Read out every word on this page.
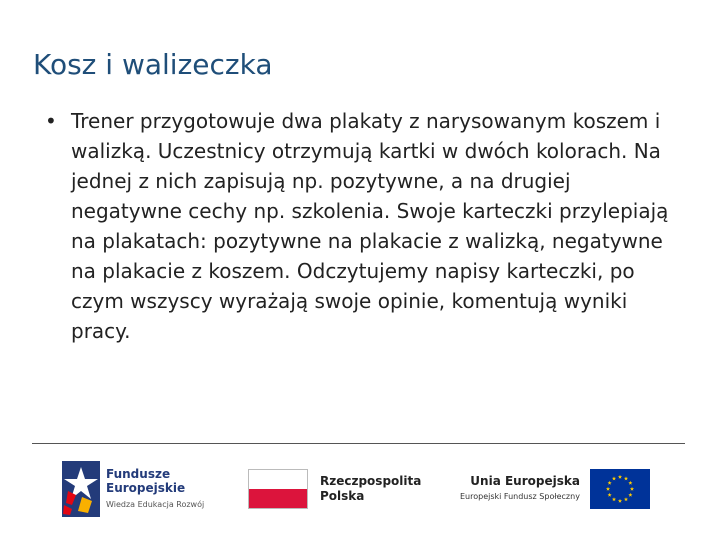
Kosz i walizeczka
• Trener przygotowuje dwa plakaty z narysowanym koszem i walizką. Uczestnicy otrzymują kartki w dwóch kolorach. Na jednej z nich zapisują np. pozytywne, a na drugiej negatywne cechy np. szkolenia. Swoje karteczki przylepiają na plakatach: pozytywne na plakacie z walizką, negatywne na plakacie z koszem. Odczytujemy napisy karteczki, po czym wszyscy wyrażają swoje opinie, komentują wyniki pracy.
Fundusze
Europejskie
Wiedza Edukacja Rozwój
Rzeczpospolita
Polska
Unia Europejska
Europejski Fundusz Społeczny
